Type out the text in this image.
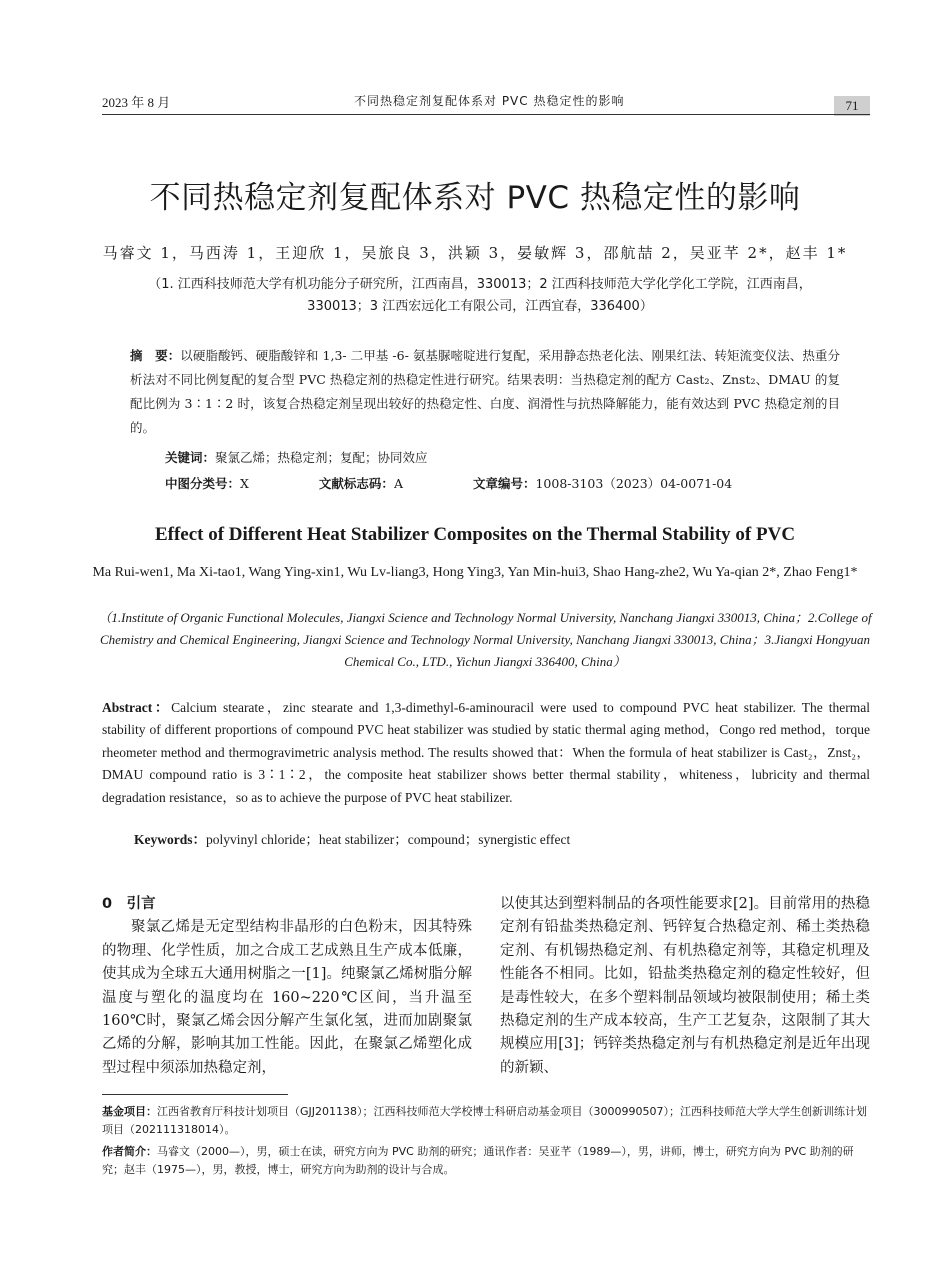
2023 年 8 月	不同热稳定剂复配体系对 PVC 热稳定性的影响	71
不同热稳定剂复配体系对 PVC 热稳定性的影响
马睿文 1，马西涛 1，王迎欣 1，吴旅良 3，洪颖 3，晏敏辉 3，邵航喆 2，吴亚芊 2*，赵丰 1*
（1. 江西科技师范大学有机功能分子研究所，江西南昌，330013；2 江西科技师范大学化学化工学院，江西南昌，330013；3 江西宏远化工有限公司，江西宜春，336400）
摘　要：以硬脂酸钙、硬脂酸锌和 1,3- 二甲基 -6- 氨基脲嘧啶进行复配，采用静态热老化法、刚果红法、转矩流变仪法、热重分析法对不同比例复配的复合型 PVC 热稳定剂的热稳定性进行研究。结果表明：当热稳定剂的配方 Cast₂、Znst₂、DMAU 的复配比例为 3∶1∶2 时，该复合热稳定剂呈现出较好的热稳定性、白度、润滑性与抗热降解能力，能有效达到 PVC 热稳定剂的目的。
关键词：聚氯乙烯；热稳定剂；复配；协同效应
中图分类号：X	文献标志码：A	文章编号：1008-3103（2023）04-0071-04
Effect of Different Heat Stabilizer Composites on the Thermal Stability of PVC
Ma Rui-wen1, Ma Xi-tao1, Wang Ying-xin1, Wu Lv-liang3, Hong Ying3, Yan Min-hui3, Shao Hang-zhe2, Wu Ya-qian 2*, Zhao Feng1*
（1.Institute of Organic Functional Molecules, Jiangxi Science and Technology Normal University, Nanchang Jiangxi 330013, China；2.College of Chemistry and Chemical Engineering, Jiangxi Science and Technology Normal University, Nanchang Jiangxi 330013, China；3.Jiangxi Hongyuan Chemical Co., LTD., Yichun Jiangxi 336400, China）
Abstract：Calcium stearate，zinc stearate and 1,3-dimethyl-6-aminouracil were used to compound PVC heat stabilizer. The thermal stability of different proportions of compound PVC heat stabilizer was studied by static thermal aging method，Congo red method，torque rheometer method and thermogravimetric analysis method. The results showed that：When the formula of heat stabilizer is Cast₂，Znst₂，DMAU compound ratio is 3∶1∶2，the composite heat stabilizer shows better thermal stability，whiteness，lubricity and thermal degradation resistance，so as to achieve the purpose of PVC heat stabilizer.
Keywords：polyvinyl chloride；heat stabilizer；compound；synergistic effect
0　引言
聚氯乙烯是无定型结构非晶形的白色粉末，因其特殊的物理、化学性质，加之合成工艺成熟且生产成本低廉，使其成为全球五大通用树脂之一[1]。纯聚氯乙烯树脂分解温度与塑化的温度均在 160~220℃区间，当升温至 160℃时，聚氯乙烯会因分解产生氯化氢，进而加剧聚氯乙烯的分解，影响其加工性能。因此，在聚氯乙烯塑化成型过程中须添加热稳定剂，
以使其达到塑料制品的各项性能要求[2]。目前常用的热稳定剂有铅盐类热稳定剂、钙锌复合热稳定剂、稀土类热稳定剂、有机锡热稳定剂、有机热稳定剂等，其稳定机理及性能各不相同。比如，铅盐类热稳定剂的稳定性较好，但是毒性较大，在多个塑料制品领域均被限制使用；稀土类热稳定剂的生产成本较高，生产工艺复杂，这限制了其大规模应用[3]；钙锌类热稳定剂与有机热稳定剂是近年出现的新颖、
基金项目：江西省教育厅科技计划项目（GJJ201138）；江西科技师范大学校博士科研启动基金项目（3000990507）；江西科技师范大学大学生创新训练计划项目（202111318014）。
作者简介：马睿文（2000—），男，硕士在读，研究方向为 PVC 助剂的研究；通讯作者：吴亚芊（1989—），男，讲师，博士，研究方向为 PVC 助剂的研究；赵丰（1975—），男，教授，博士，研究方向为助剂的设计与合成。
